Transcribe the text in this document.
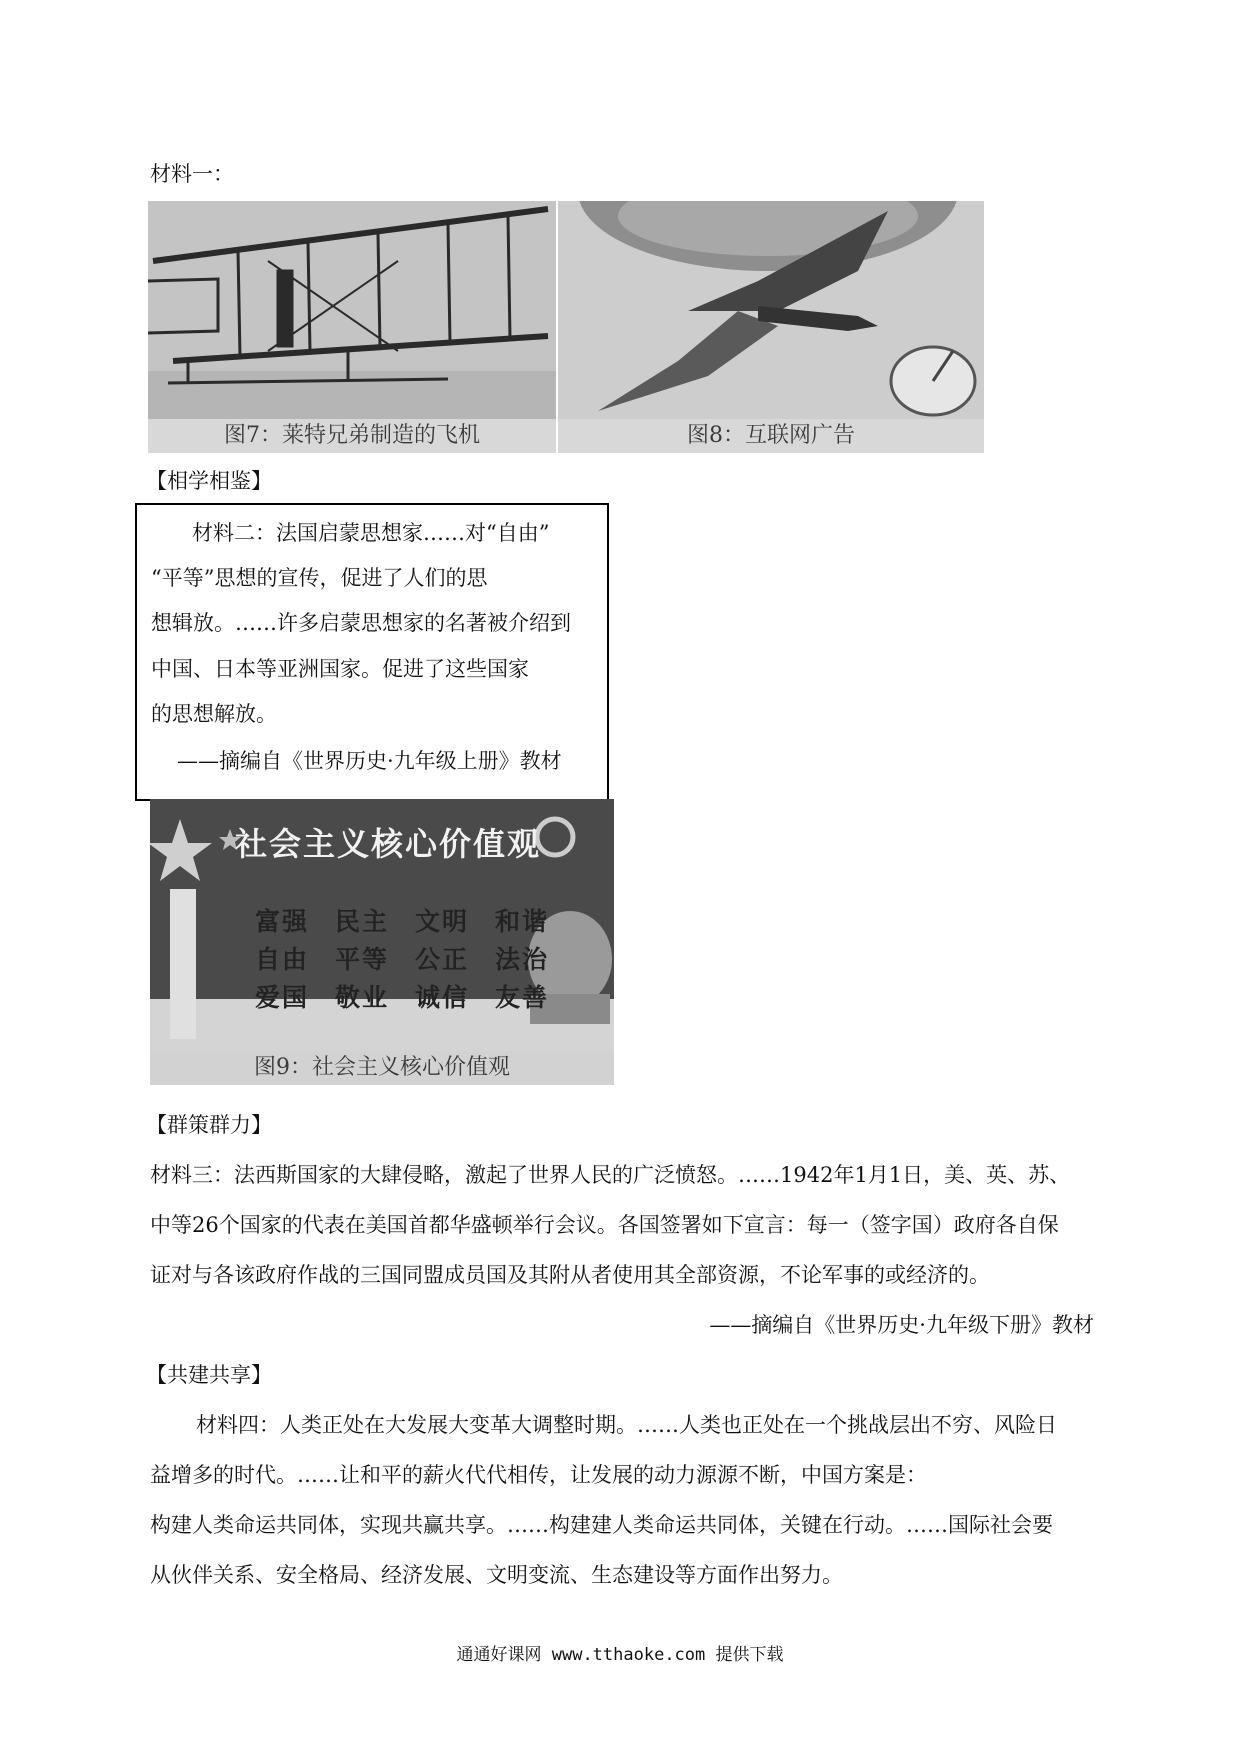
材料一：
图7：莱特兄弟制造的飞机	图8：互联网广告
【相学相鉴】
材料二：法国启蒙思想家……对“自由”
“平等”思想的宣传，促进了人们的思
想辑放。……许多启蒙思想家的名著被介绍到
中国、日本等亚洲国家。促进了这些国家
的思想解放。
——摘编自《世界历史·九年级上册》教材
社会主义核心价值观
富强 民主 文明 和谐
自由 平等 公正 法治
爱国 敬业 诚信 友善
图9：社会主义核心价值观
【群策群力】
材料三：法西斯国家的大肆侵略，激起了世界人民的广泛愤怒。……1942年1月1日，美、英、苏、
中等26个国家的代表在美国首都华盛顿举行会议。各国签署如下宣言：每一（签字国）政府各自保
证对与各该政府作战的三国同盟成员国及其附从者使用其全部资源，不论军事的或经济的。
——摘编自《世界历史·九年级下册》教材
【共建共享】
材料四：人类正处在大发展大变革大调整时期。……人类也正处在一个挑战层出不穷、风险日
益增多的时代。……让和平的薪火代代相传，让发展的动力源源不断，中国方案是：
构建人类命运共同体，实现共赢共享。……构建建人类命运共同体，关键在行动。……国际社会要
从伙伴关系、安全格局、经济发展、文明变流、生态建设等方面作出努力。
通通好课网 www.tthaoke.com 提供下载
